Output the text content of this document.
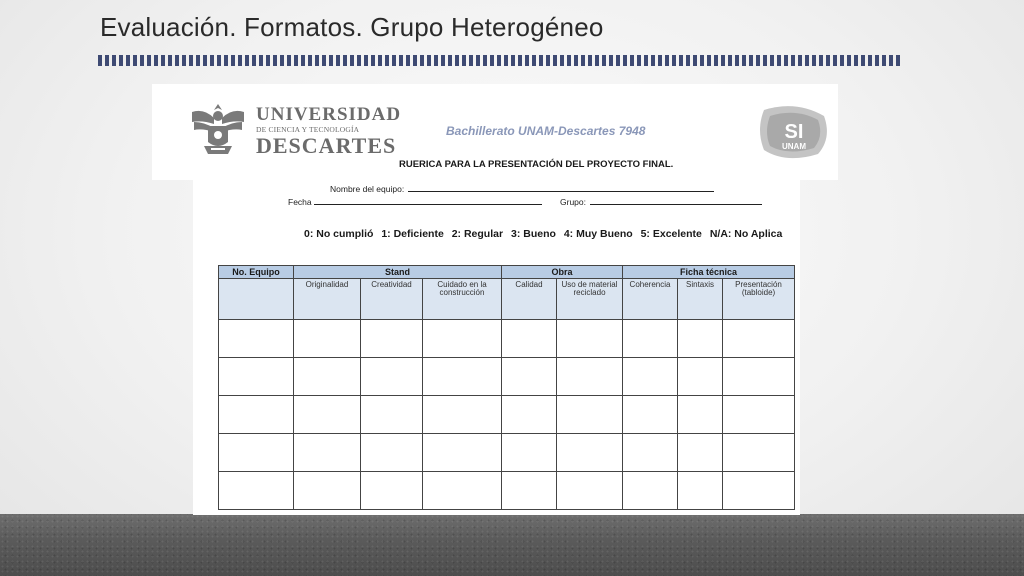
Evaluación. Formatos. Grupo Heterogéneo
UNIVERSIDAD
DE CIENCIA Y TECNOLOGÍA
DESCARTES
Bachillerato UNAM-Descartes 7948	SI
UNAM
RUERICA PARA LA PRESENTACIÓN DEL PROYECTO FINAL.
Nombre del equipo:
Fecha	Grupo:
0: No cumplió 1: Deficiente 2: Regular 3: Bueno 4: Muy Bueno 5: Excelente N/A: No Aplica
No. Equipo	Stand			Obra		Ficha técnica		
	Originalidad	Creatividad	Cuidado en la construcción	Calidad	Uso de material reciclado	Coherencia	Sintaxis	Presentación (tabloide)
